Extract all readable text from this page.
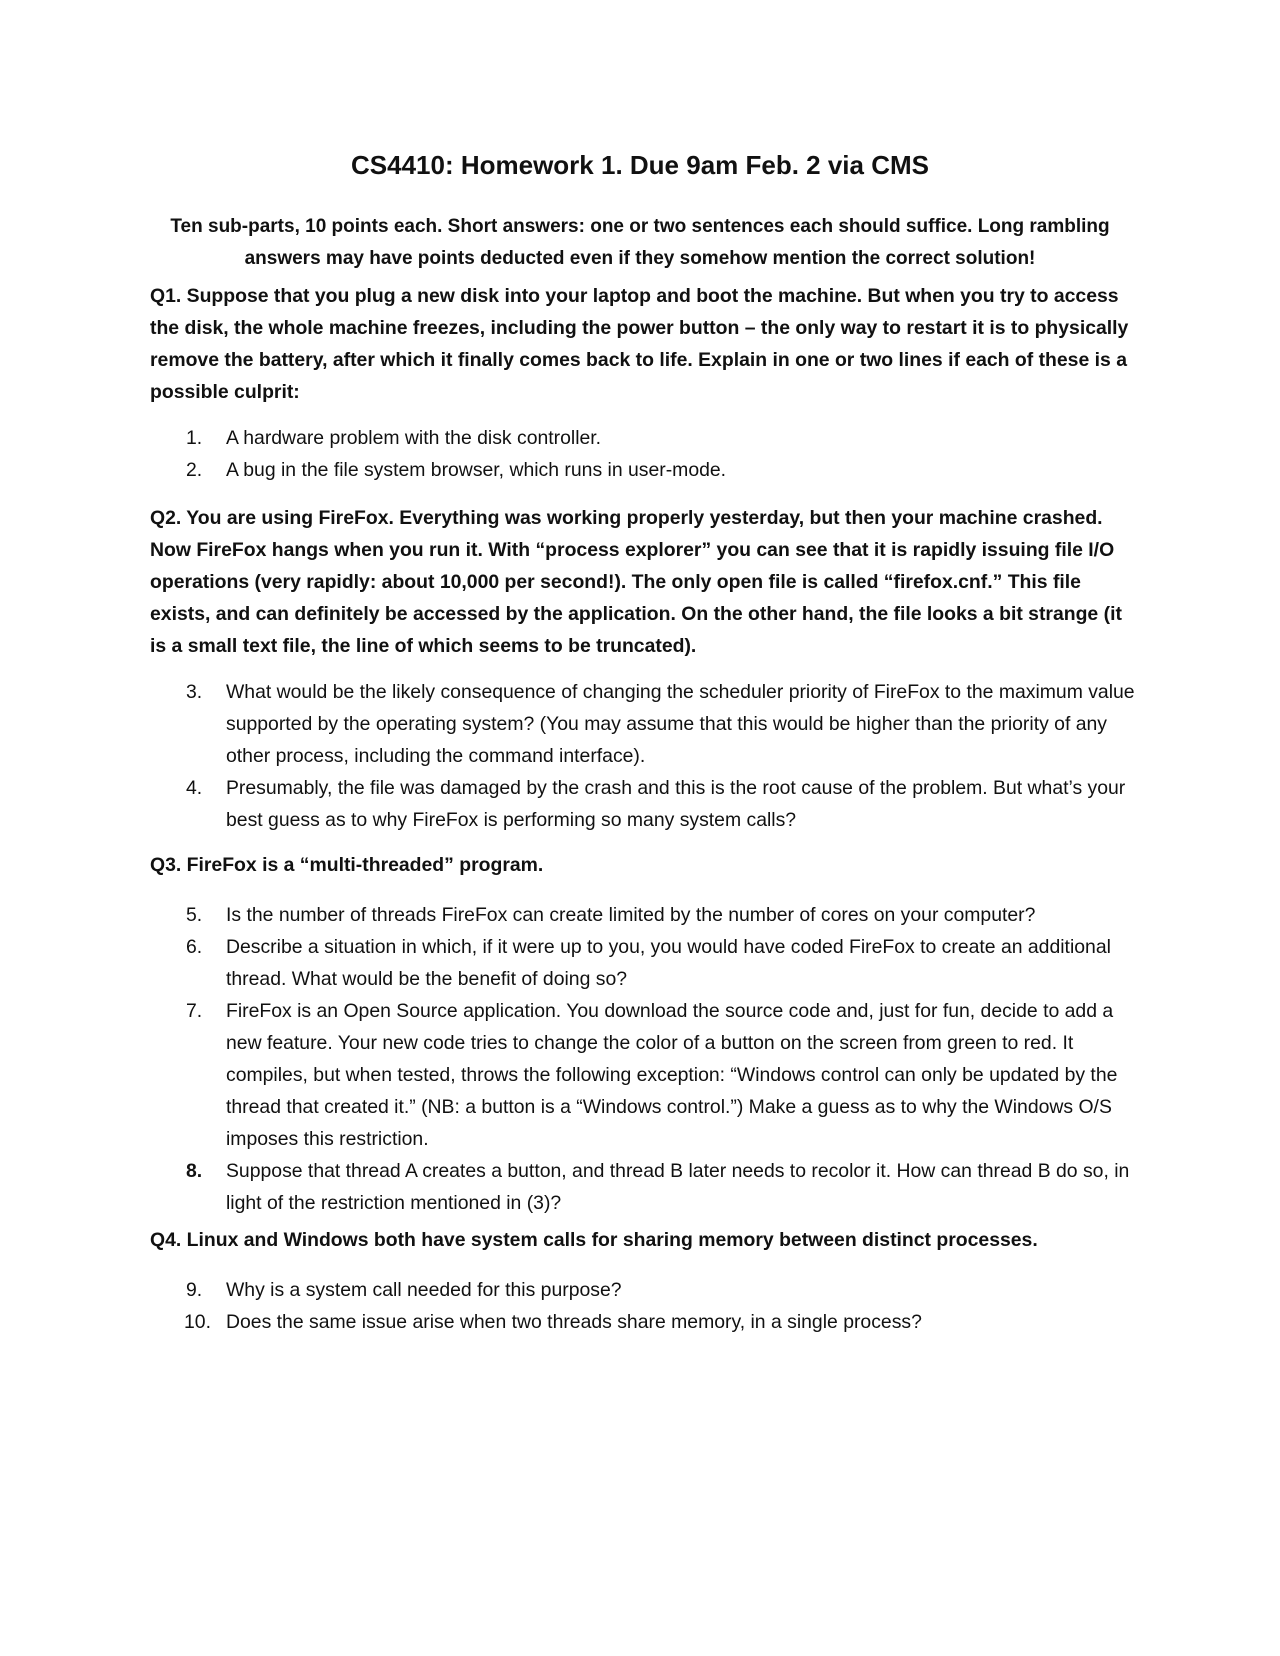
CS4410: Homework 1. Due 9am Feb. 2 via CMS

Ten sub-parts, 10 points each. Short answers: one or two sentences each should suffice. Long rambling answers may have points deducted even if they somehow mention the correct solution!

Q1. Suppose that you plug a new disk into your laptop and boot the machine. But when you try to access the disk, the whole machine freezes, including the power button – the only way to restart it is to physically remove the battery, after which it finally comes back to life. Explain in one or two lines if each of these is a possible culprit:

1.	A hardware problem with the disk controller.
2.	A bug in the file system browser, which runs in user-mode.

Q2. You are using FireFox. Everything was working properly yesterday, but then your machine crashed. Now FireFox hangs when you run it. With “process explorer” you can see that it is rapidly issuing file I/O operations (very rapidly: about 10,000 per second!). The only open file is called “firefox.cnf.” This file exists, and can definitely be accessed by the application. On the other hand, the file looks a bit strange (it is a small text file, the line of which seems to be truncated).

3.	What would be the likely consequence of changing the scheduler priority of FireFox to the maximum value supported by the operating system? (You may assume that this would be higher than the priority of any other process, including the command interface).
4.	Presumably, the file was damaged by the crash and this is the root cause of the problem. But what’s your best guess as to why FireFox is performing so many system calls?

Q3. FireFox is a “multi-threaded” program.

5.	Is the number of threads FireFox can create limited by the number of cores on your computer?
6.	Describe a situation in which, if it were up to you, you would have coded FireFox to create an additional thread. What would be the benefit of doing so?
7.	FireFox is an Open Source application. You download the source code and, just for fun, decide to add a new feature. Your new code tries to change the color of a button on the screen from green to red. It compiles, but when tested, throws the following exception: “Windows control can only be updated by the thread that created it.” (NB: a button is a “Windows control.”) Make a guess as to why the Windows O/S imposes this restriction.
8.	Suppose that thread A creates a button, and thread B later needs to recolor it. How can thread B do so, in light of the restriction mentioned in (3)?

Q4. Linux and Windows both have system calls for sharing memory between distinct processes.

9.	Why is a system call needed for this purpose?
10. Does the same issue arise when two threads share memory, in a single process?
